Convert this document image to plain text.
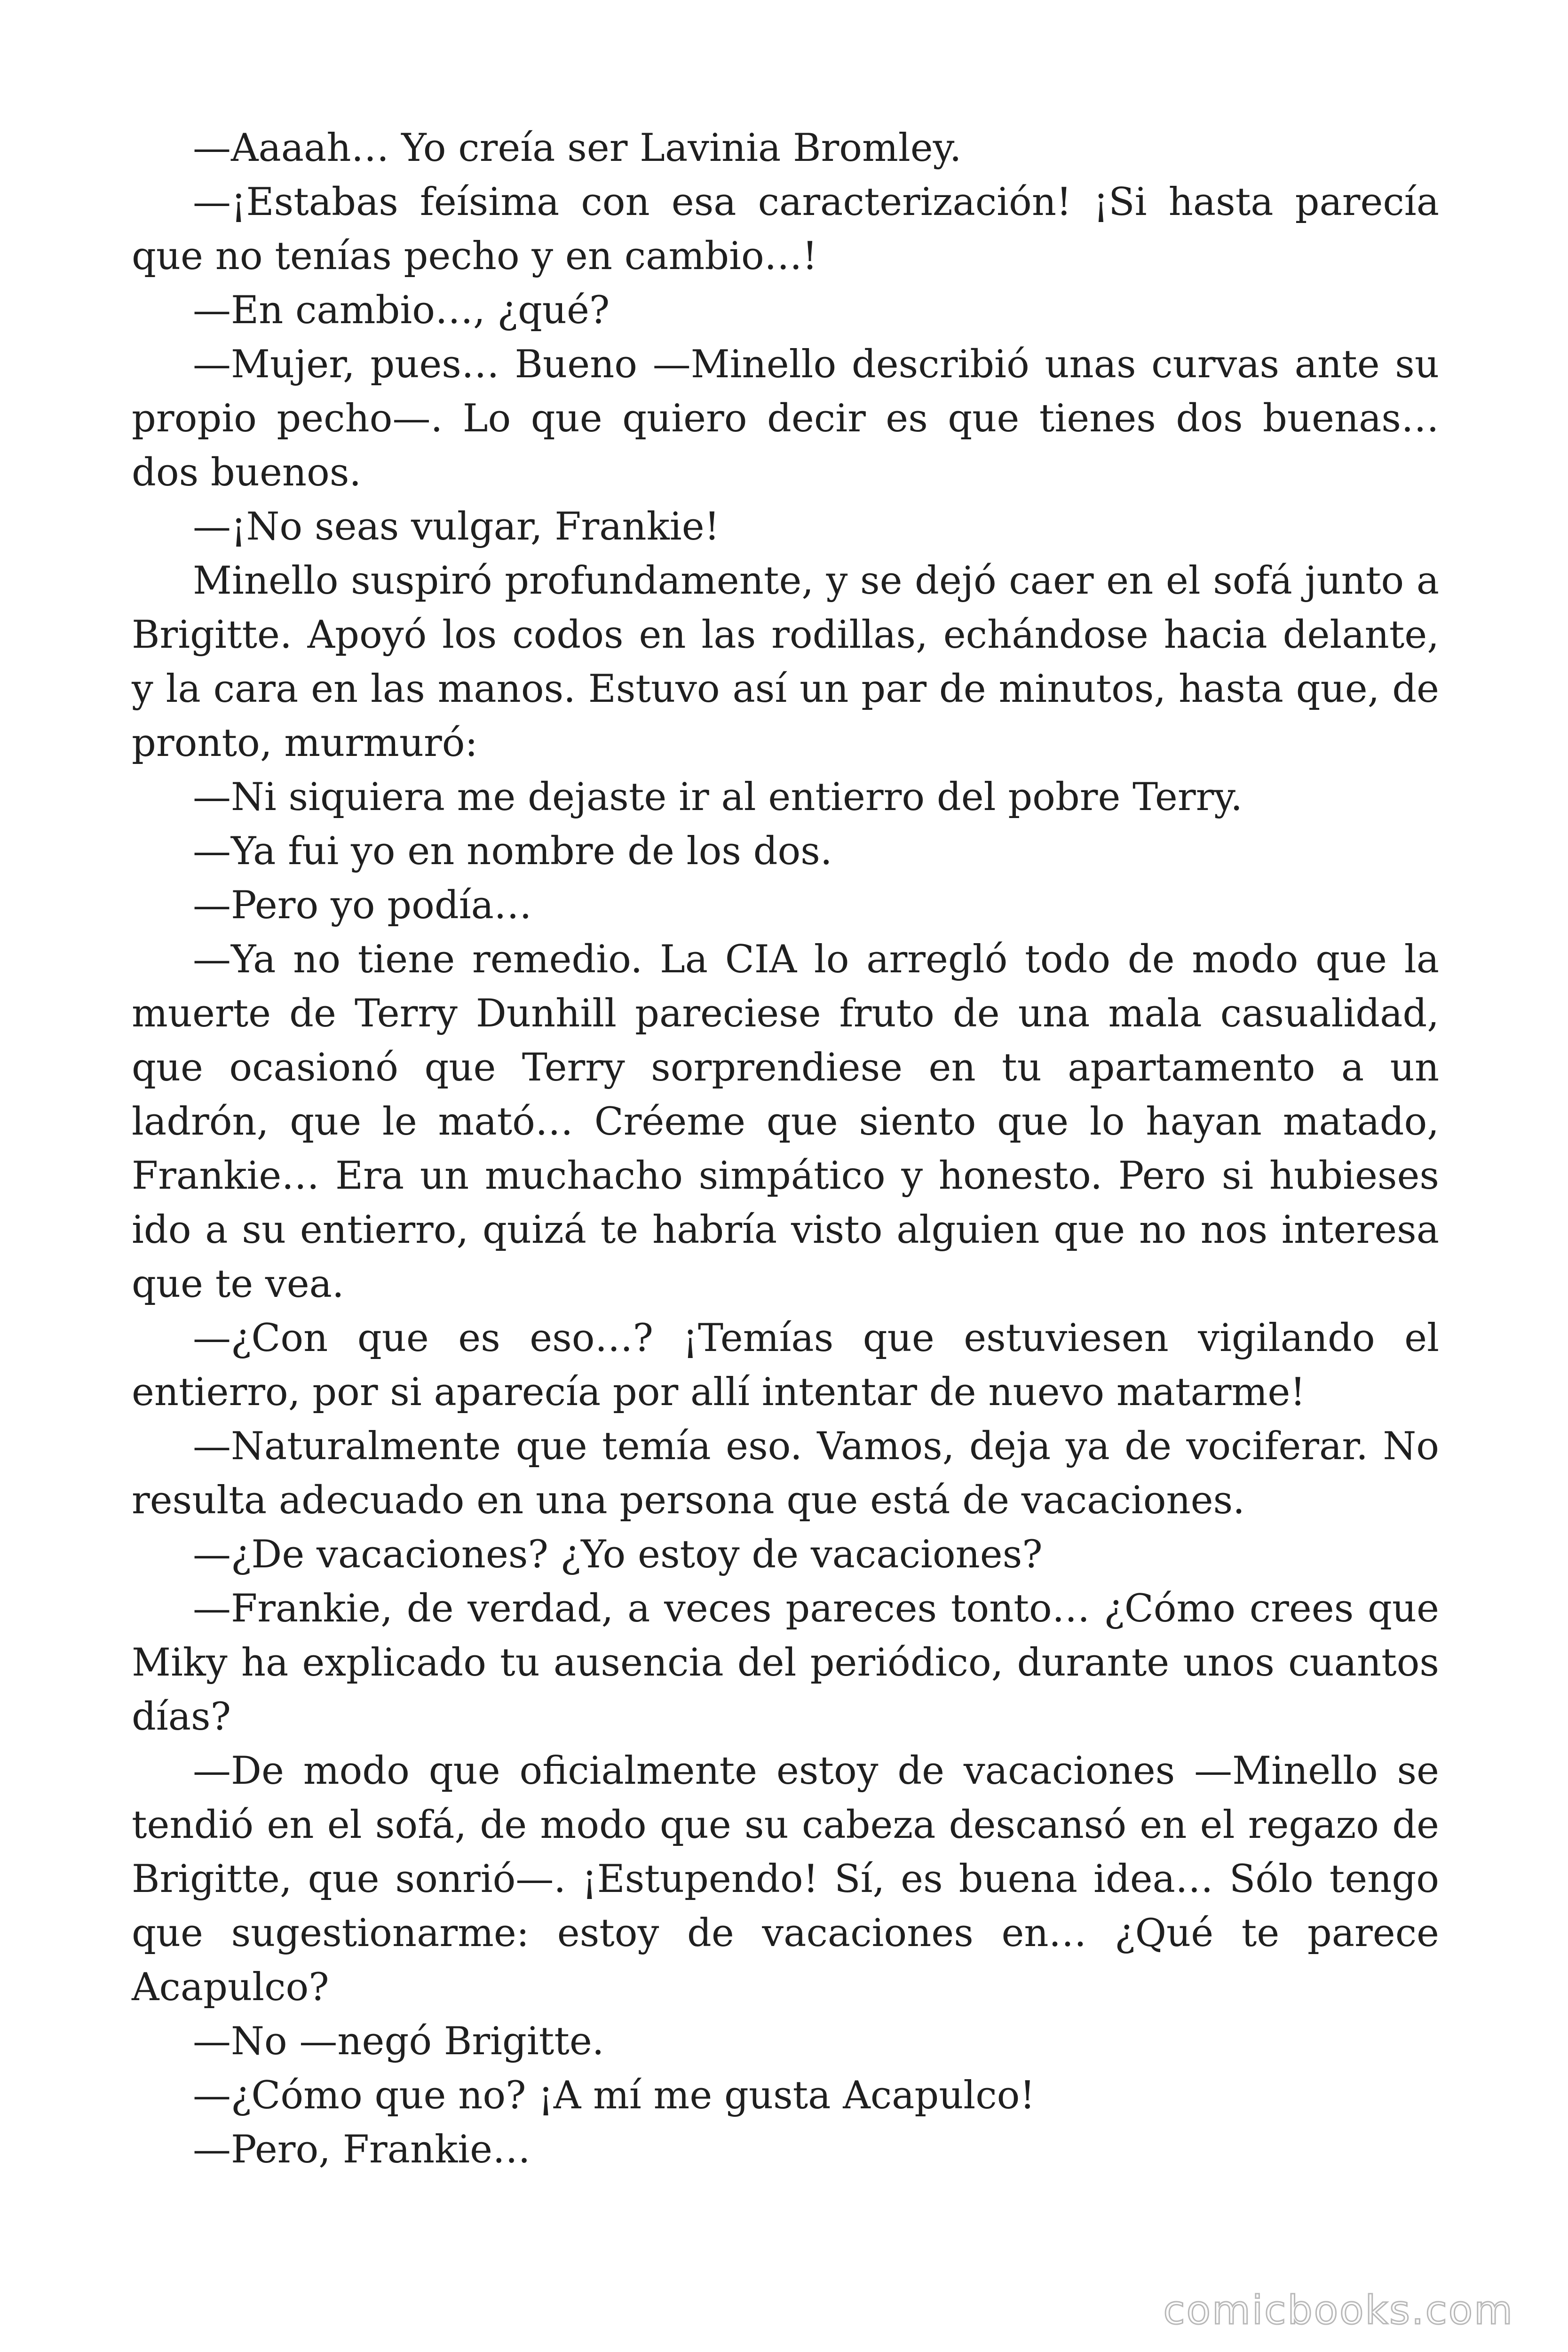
—Aaaah… Yo creía ser Lavinia Bromley.

—¡Estabas feísima con esa caracterización! ¡Si hasta parecía que no tenías pecho y en cambio…!

—En cambio…, ¿qué?

—Mujer, pues… Bueno —Minello describió unas curvas ante su propio pecho—. Lo que quiero decir es que tienes dos buenas… dos buenos.

—¡No seas vulgar, Frankie!

Minello suspiró profundamente, y se dejó caer en el sofá junto a Brigitte. Apoyó los codos en las rodillas, echándose hacia delante, y la cara en las manos. Estuvo así un par de minutos, hasta que, de pronto, murmuró:

—Ni siquiera me dejaste ir al entierro del pobre Terry.

—Ya fui yo en nombre de los dos.

—Pero yo podía…

—Ya no tiene remedio. La CIA lo arregló todo de modo que la muerte de Terry Dunhill pareciese fruto de una mala casualidad, que ocasionó que Terry sorprendiese en tu apartamento a un ladrón, que le mató… Créeme que siento que lo hayan matado, Frankie… Era un muchacho simpático y honesto. Pero si hubieses ido a su entierro, quizá te habría visto alguien que no nos interesa que te vea.

—¿Con que es eso…? ¡Temías que estuviesen vigilando el entierro, por si aparecía por allí intentar de nuevo matarme!

—Naturalmente que temía eso. Vamos, deja ya de vociferar. No resulta adecuado en una persona que está de vacaciones.

—¿De vacaciones? ¿Yo estoy de vacaciones?

—Frankie, de verdad, a veces pareces tonto… ¿Cómo crees que Miky ha explicado tu ausencia del periódico, durante unos cuantos días?

—De modo que oficialmente estoy de vacaciones —Minello se tendió en el sofá, de modo que su cabeza descansó en el regazo de Brigitte, que sonrió—. ¡Estupendo! Sí, es buena idea… Sólo tengo que sugestionarme: estoy de vacaciones en… ¿Qué te parece Acapulco?

—No —negó Brigitte.

—¿Cómo que no? ¡A mí me gusta Acapulco!

—Pero, Frankie…

comicbooks.com
